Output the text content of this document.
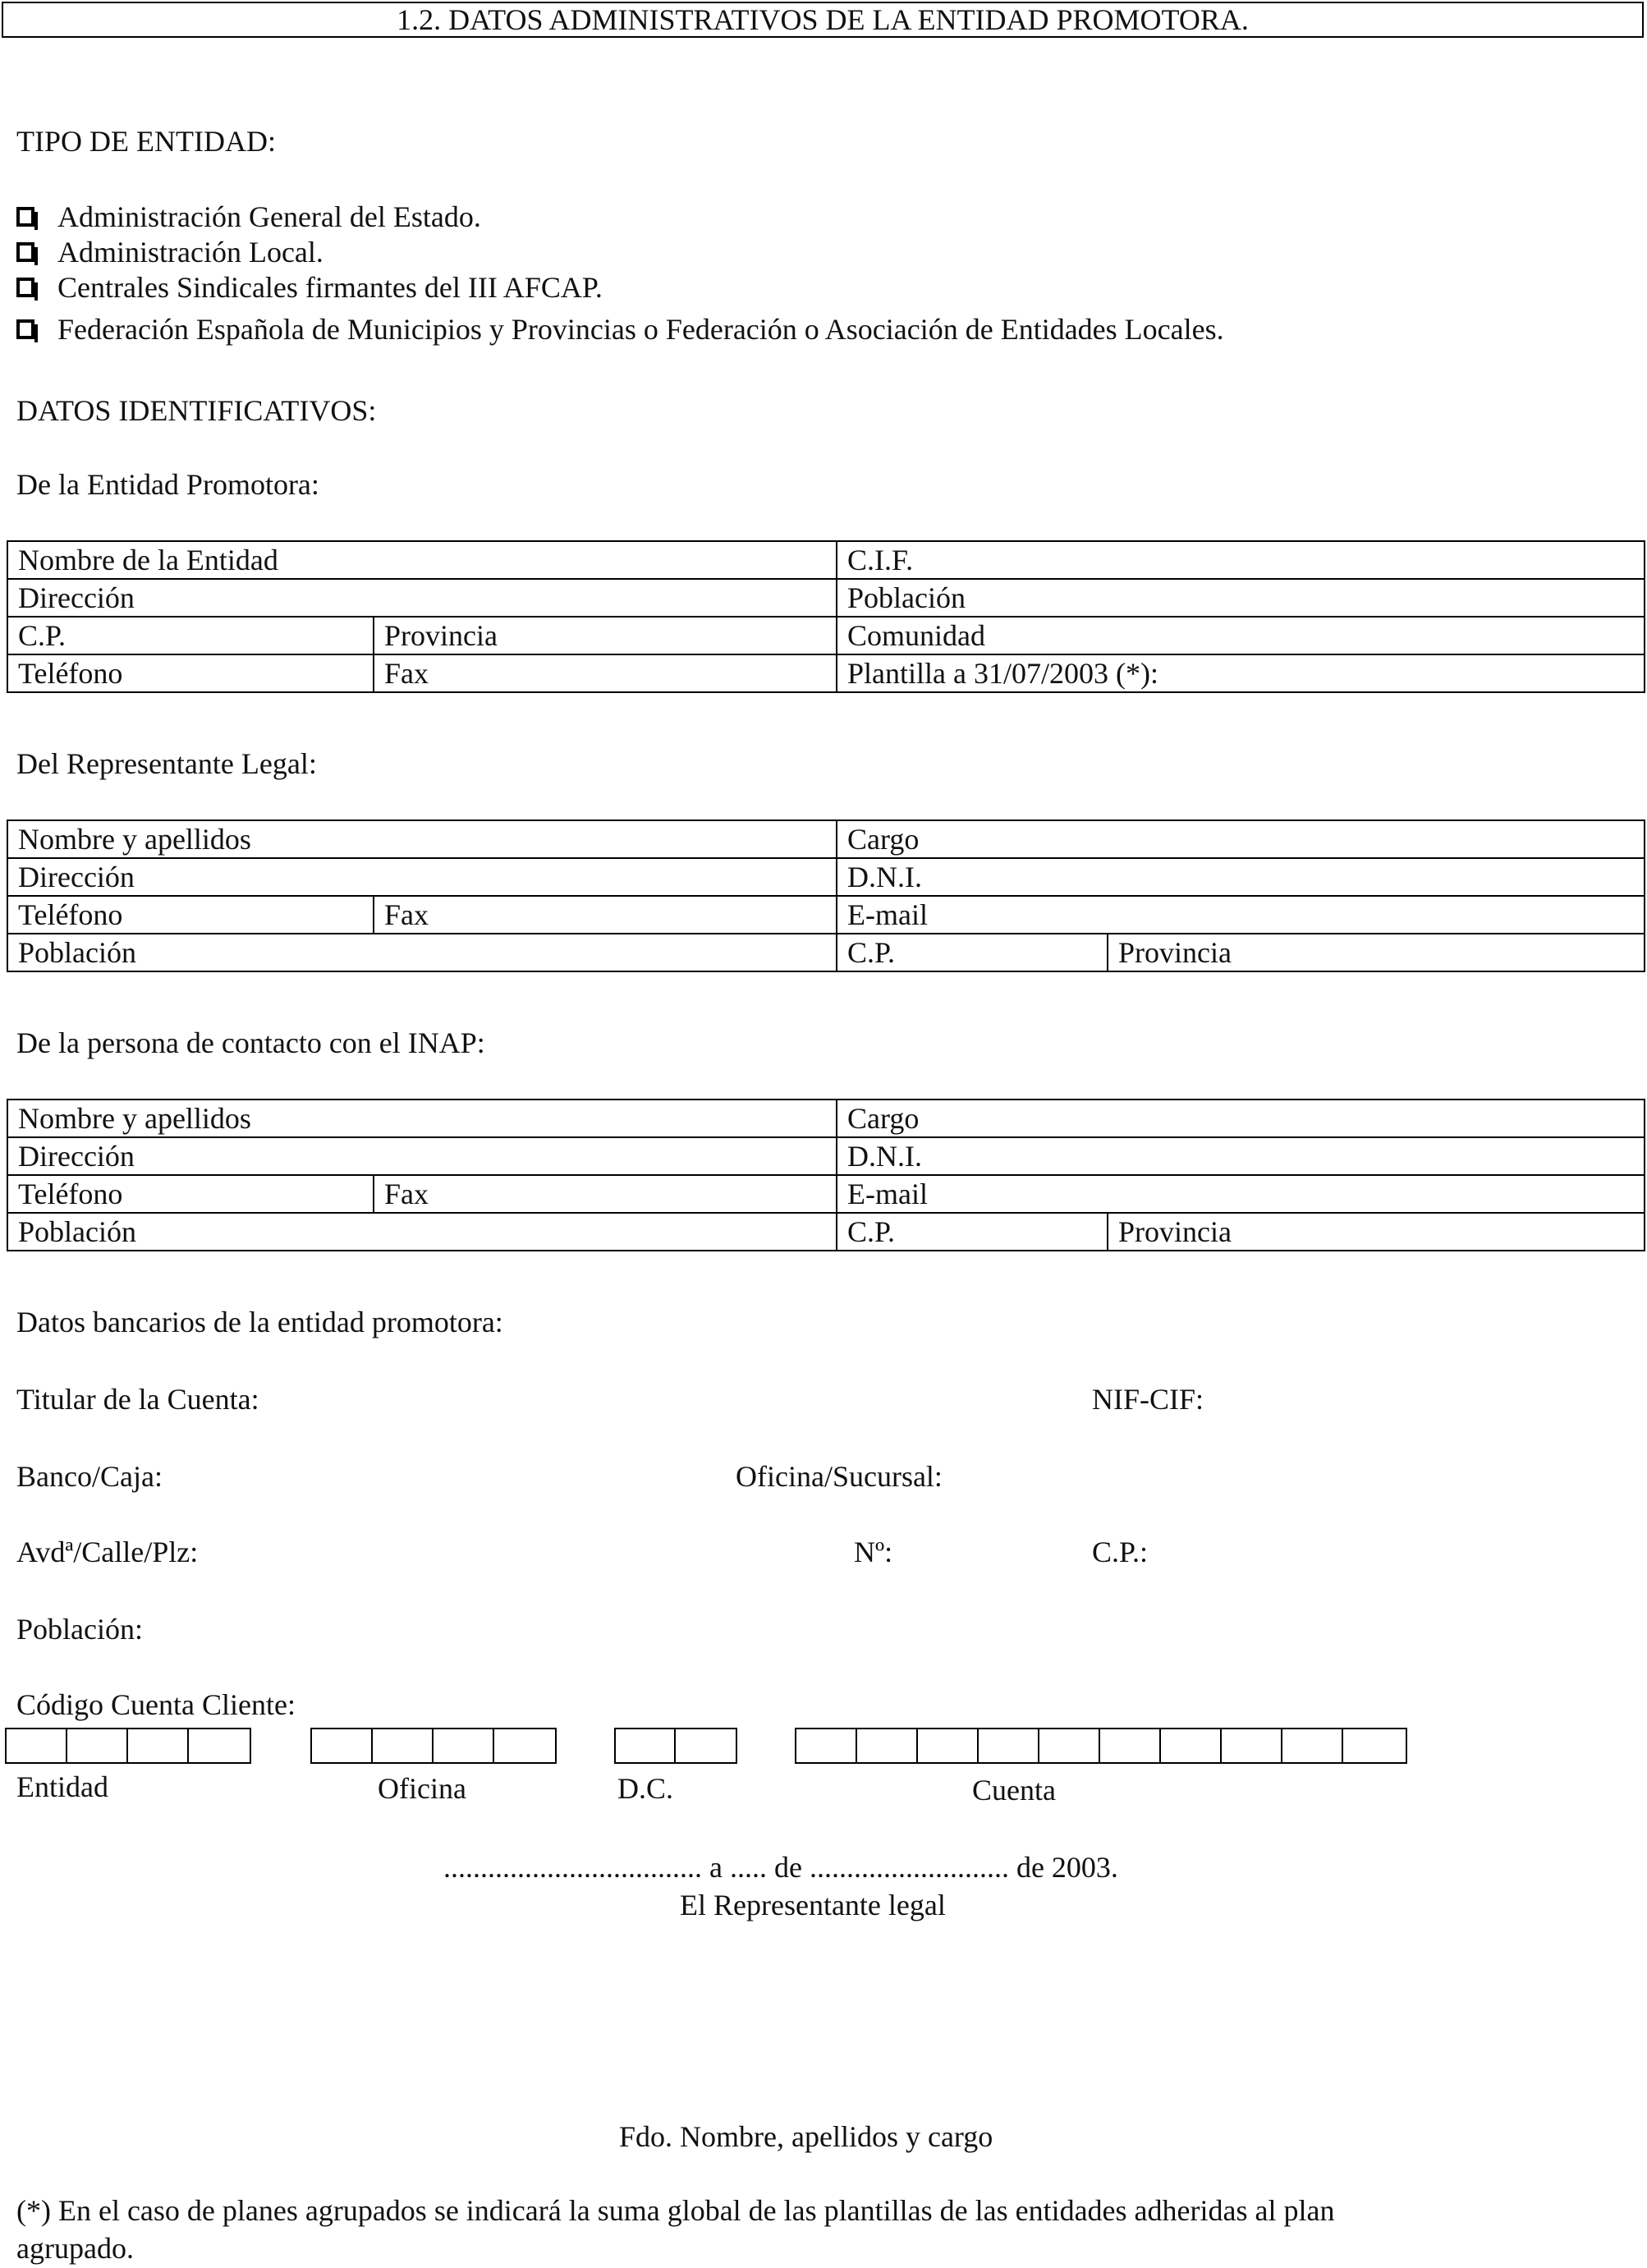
1.2. DATOS ADMINISTRATIVOS DE LA ENTIDAD PROMOTORA.
TIPO DE ENTIDAD:
Administración General del Estado.
Administración Local.
Centrales Sindicales firmantes del III AFCAP.
Federación Española de Municipios y Provincias o Federación o Asociación de Entidades Locales.
DATOS IDENTIFICATIVOS:
De la Entidad Promotora:
Nombre de la Entidad		C.I.F.
Dirección		Población
C.P.	Provincia	Comunidad
Teléfono	Fax	Plantilla a 31/07/2003 (*):
Del Representante Legal:
Nombre y apellidos		Cargo	
Dirección		D.N.I.	
Teléfono	Fax	E-mail	
Población		C.P.	Provincia
De la persona de contacto con el INAP:
Nombre y apellidos		Cargo	
Dirección		D.N.I.	
Teléfono	Fax	E-mail	
Población		C.P.	Provincia
Datos bancarios de la entidad promotora:
Titular de la Cuenta:	NIF-CIF:
Banco/Caja:	Oficina/Sucursal:
Avdª/Calle/Plz:	Nº:	C.P.:
Población:
Código Cuenta Cliente:
Entidad	Oficina	D.C.	Cuenta
................................... a ..... de ........................... de 2003.
El Representante legal
Fdo. Nombre, apellidos y cargo
(*) En el caso de planes agrupados se indicará la suma global de las plantillas de las entidades adheridas al plan
agrupado.
